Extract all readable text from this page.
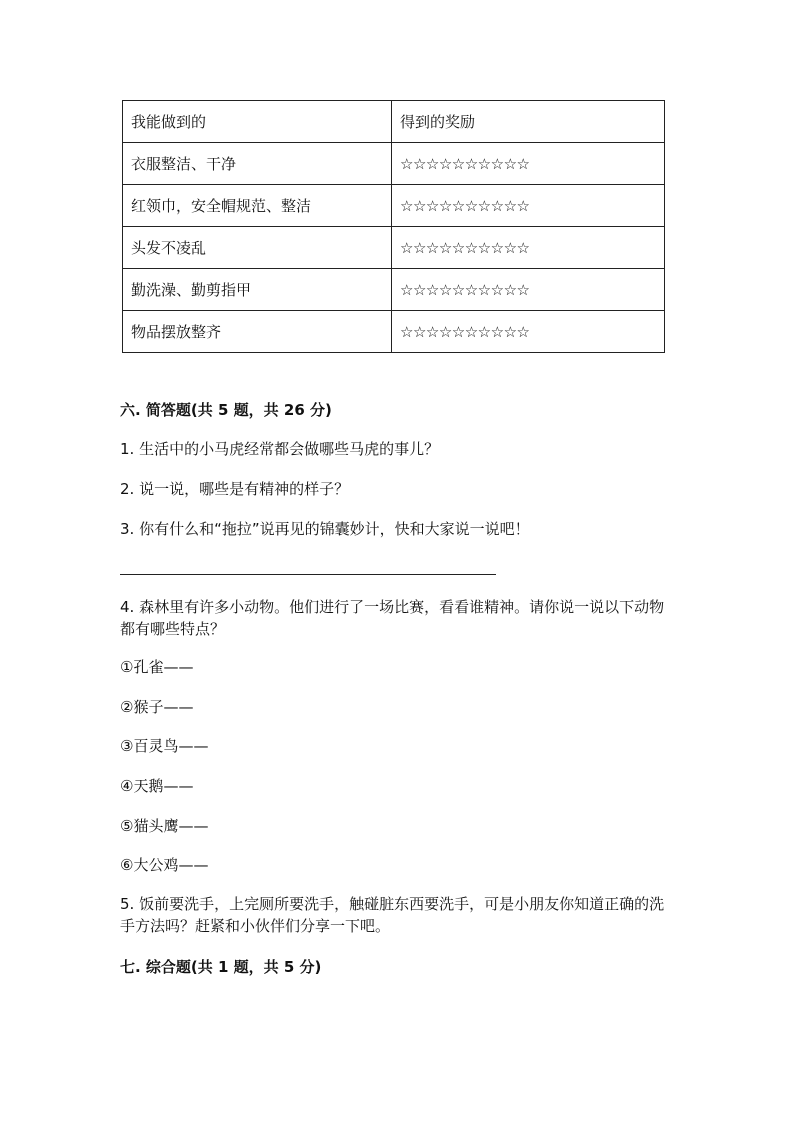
我能做到的	得到的奖励
衣服整洁、干净	☆☆☆☆☆☆☆☆☆☆
红领巾，安全帽规范、整洁	☆☆☆☆☆☆☆☆☆☆
头发不凌乱	☆☆☆☆☆☆☆☆☆☆
勤洗澡、勤剪指甲	☆☆☆☆☆☆☆☆☆☆
物品摆放整齐	☆☆☆☆☆☆☆☆☆☆
六. 简答题(共 5 题，共 26 分)
1. 生活中的小马虎经常都会做哪些马虎的事儿？
2. 说一说，哪些是有精神的样子？
3. 你有什么和“拖拉”说再见的锦囊妙计，快和大家说一说吧！
4. 森林里有许多小动物。他们进行了一场比赛，看看谁精神。请你说一说以下动物都有哪些特点？
①孔雀——
②猴子——
③百灵鸟——
④天鹅——
⑤猫头鹰——
⑥大公鸡——
5. 饭前要洗手，上完厕所要洗手，触碰脏东西要洗手，可是小朋友你知道正确的洗手方法吗？赶紧和小伙伴们分享一下吧。
七. 综合题(共 1 题，共 5 分)
